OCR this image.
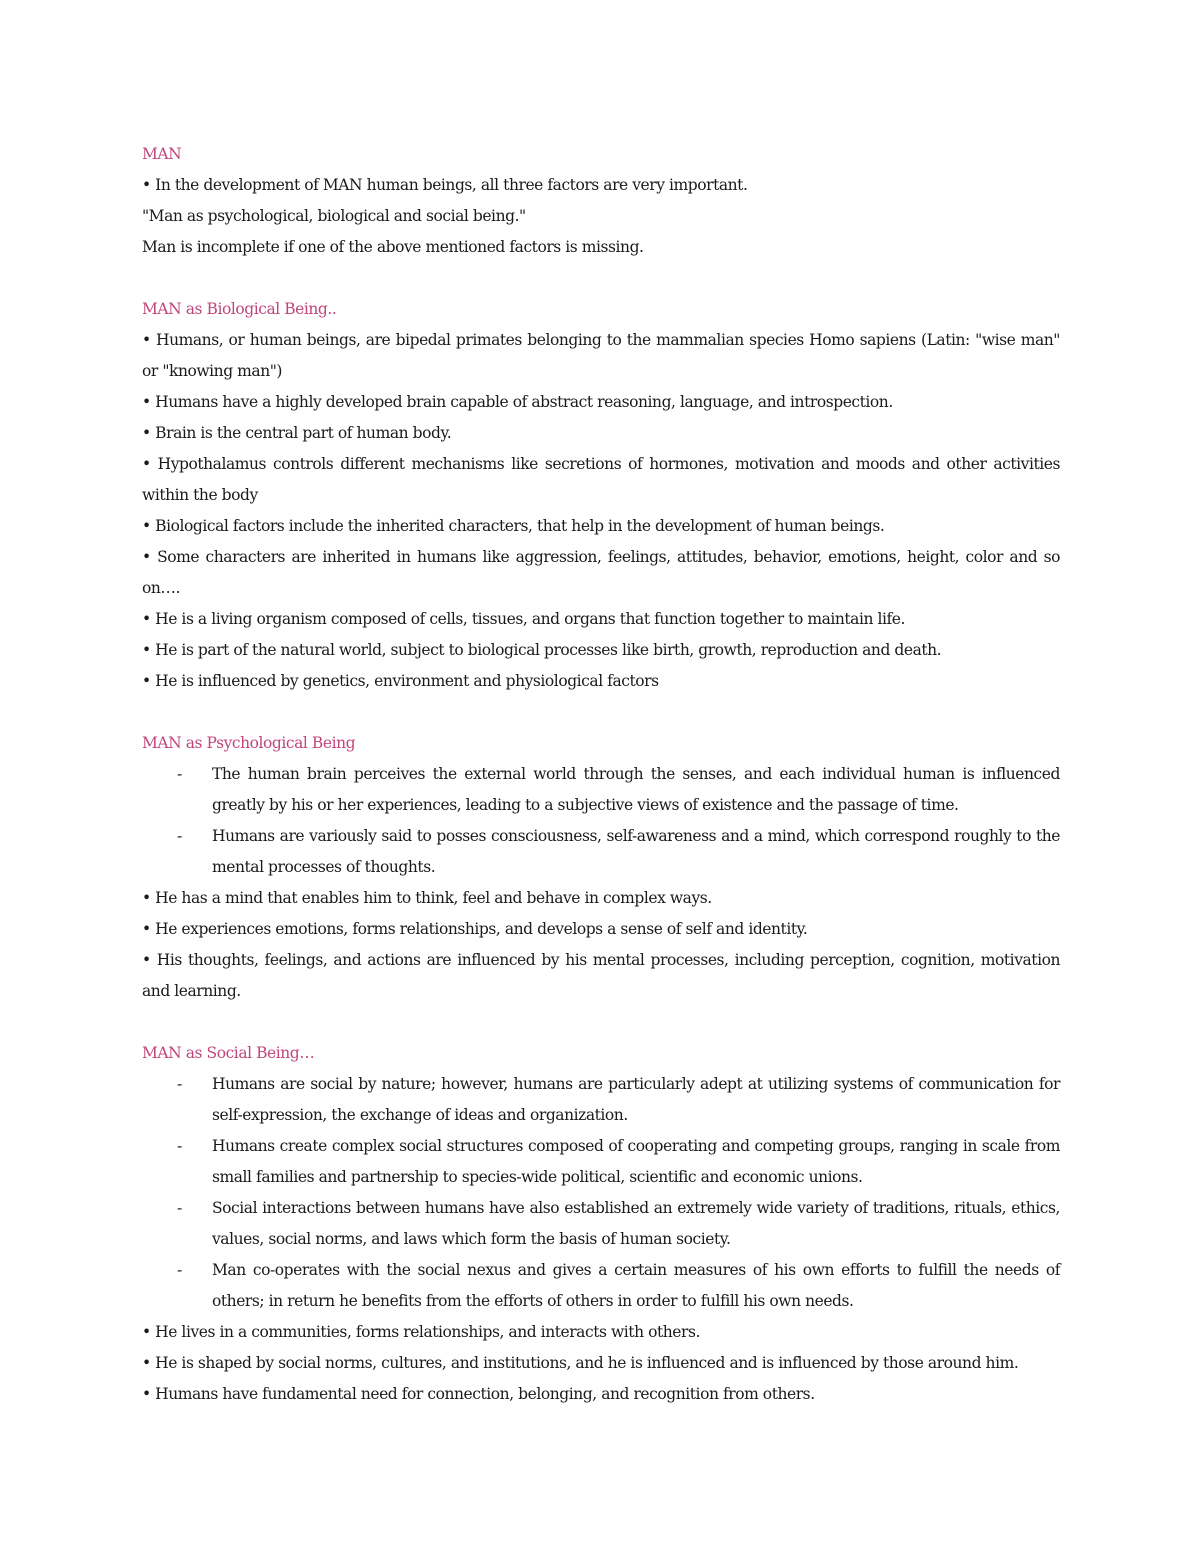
MAN

• In the development of MAN human beings, all three factors are very important.

"Man as psychological, biological and social being."

Man is incomplete if one of the above mentioned factors is missing.

MAN as Biological Being..

• Humans, or human beings, are bipedal primates belonging to the mammalian species Homo sapiens (Latin: "wise man" or "knowing man")

• Humans have a highly developed brain capable of abstract reasoning, language, and introspection.

• Brain is the central part of human body.

• Hypothalamus controls different mechanisms like secretions of hormones, motivation and moods and other activities within the body

• Biological factors include the inherited characters, that help in the development of human beings.

• Some characters are inherited in humans like aggression, feelings, attitudes, behavior, emotions, height, color and so on….

• He is a living organism composed of cells, tissues, and organs that function together to maintain life.

• He is part of the natural world, subject to biological processes like birth, growth, reproduction and death.

• He is influenced by genetics, environment and physiological factors

MAN as Psychological Being

- The human brain perceives the external world through the senses, and each individual human is influenced greatly by his or her experiences, leading to a subjective views of existence and the passage of time.
- Humans are variously said to posses consciousness, self-awareness and a mind, which correspond roughly to the mental processes of thoughts.

• He has a mind that enables him to think, feel and behave in complex ways.

• He experiences emotions, forms relationships, and develops a sense of self and identity.

• His thoughts, feelings, and actions are influenced by his mental processes, including perception, cognition, motivation and learning.

MAN as Social Being…

- Humans are social by nature; however, humans are particularly adept at utilizing systems of communication for self-expression, the exchange of ideas and organization.
- Humans create complex social structures composed of cooperating and competing groups, ranging in scale from small families and partnership to species-wide political, scientific and economic unions.
- Social interactions between humans have also established an extremely wide variety of traditions, rituals, ethics, values, social norms, and laws which form the basis of human society.
- Man co-operates with the social nexus and gives a certain measures of his own efforts to fulfill the needs of others; in return he benefits from the efforts of others in order to fulfill his own needs.

• He lives in a communities, forms relationships, and interacts with others.

• He is shaped by social norms, cultures, and institutions, and he is influenced and is influenced by those around him.

• Humans have fundamental need for connection, belonging, and recognition from others.
